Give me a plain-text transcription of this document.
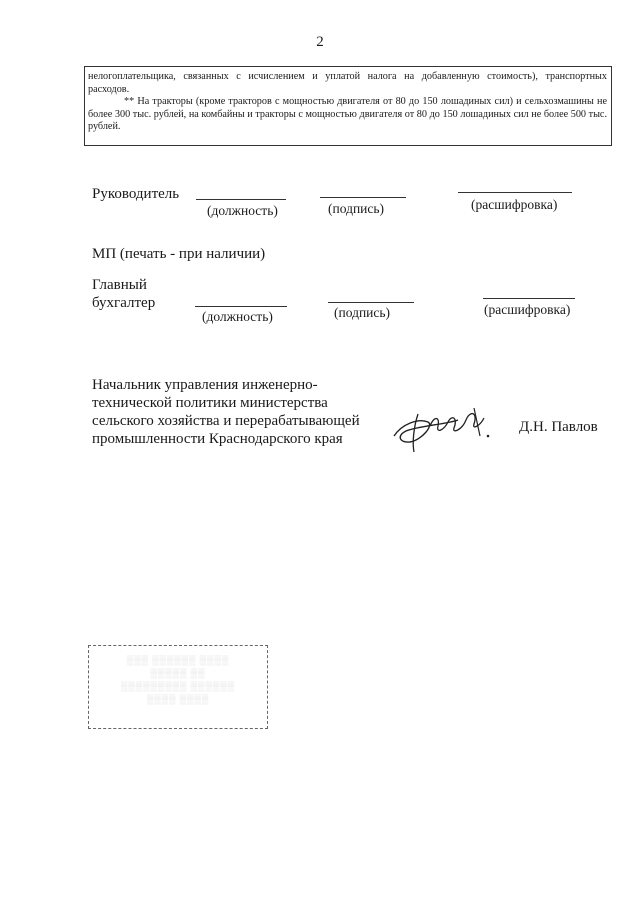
2
нелогоплательщика, связанных с исчислением и уплатой налога на добавленную стоимость), транспортных
расходов.
** На тракторы (кроме тракторов с мощностью двигателя от 80 до 150 лошадиных сил) и сельхозмашины не более 300 тыс. рублей, на комбайны и тракторы с мощностью двигателя от 80 до 150 лошадиных сил не более 500 тыс. рублей.
Руководитель
(должность)	(подпись)	(расшифровка)
МП (печать - при наличии)
Главный
бухгалтер
(должность)	(подпись)	(расшифровка)
Начальник управления инженерно-
технической политики министерства
сельского хозяйства и перерабатывающей
промышленности Краснодарского края
Д.Н. Павлов
▒▒▒ ▒▒▒▒▒▒ ▒▒▒▒
▒▒▒▒▒ ▒▒
▒▒▒▒▒▒▒▒▒ ▒▒▒▒▒▒
▒▒▒▒ ▒▒▒▒
